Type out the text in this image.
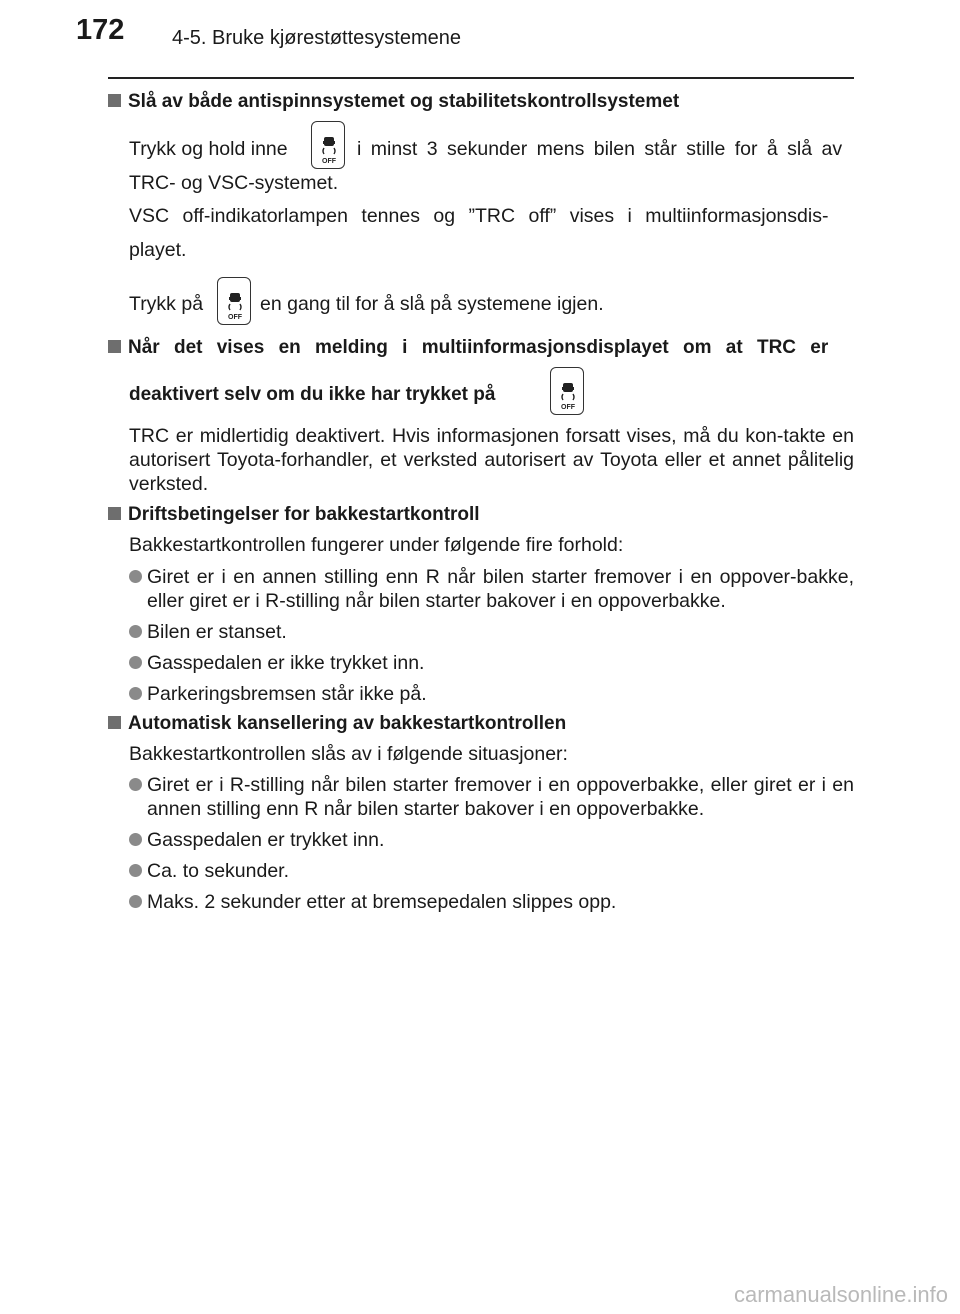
172 4-5. Bruke kjørestøttesystemene
Slå av både antispinnsystemet og stabilitetskontrollsystemet
Trykk og hold inne
OFF
i minst 3 sekunder mens bilen står stille for å slå av
TRC- og VSC-systemet.
VSC off-indikatorlampen tennes og ”TRC off” vises i multiinformasjonsdis-
playet.
Trykk på
OFF
en gang til for å slå på systemene igjen.
Når det vises en melding i multiinformasjonsdisplayet om at TRC er
deaktivert selv om du ikke har trykket på
OFF
TRC er midlertidig deaktivert. Hvis informasjonen forsatt vises, må du kon-takte en autorisert Toyota-forhandler, et verksted autorisert av Toyota eller et annet pålitelig verksted.
Driftsbetingelser for bakkestartkontroll
Bakkestartkontrollen fungerer under følgende fire forhold:
Giret er i en annen stilling enn R når bilen starter fremover i en oppover-bakke, eller giret er i R-stilling når bilen starter bakover i en oppoverbakke.
Bilen er stanset.
Gasspedalen er ikke trykket inn.
Parkeringsbremsen står ikke på.
Automatisk kansellering av bakkestartkontrollen
Bakkestartkontrollen slås av i følgende situasjoner:
Giret er i R-stilling når bilen starter fremover i en oppoverbakke, eller giret er i en annen stilling enn R når bilen starter bakover i en oppoverbakke.
Gasspedalen er trykket inn.
Ca. to sekunder.
Maks. 2 sekunder etter at bremsepedalen slippes opp.
carmanualsonline.info
